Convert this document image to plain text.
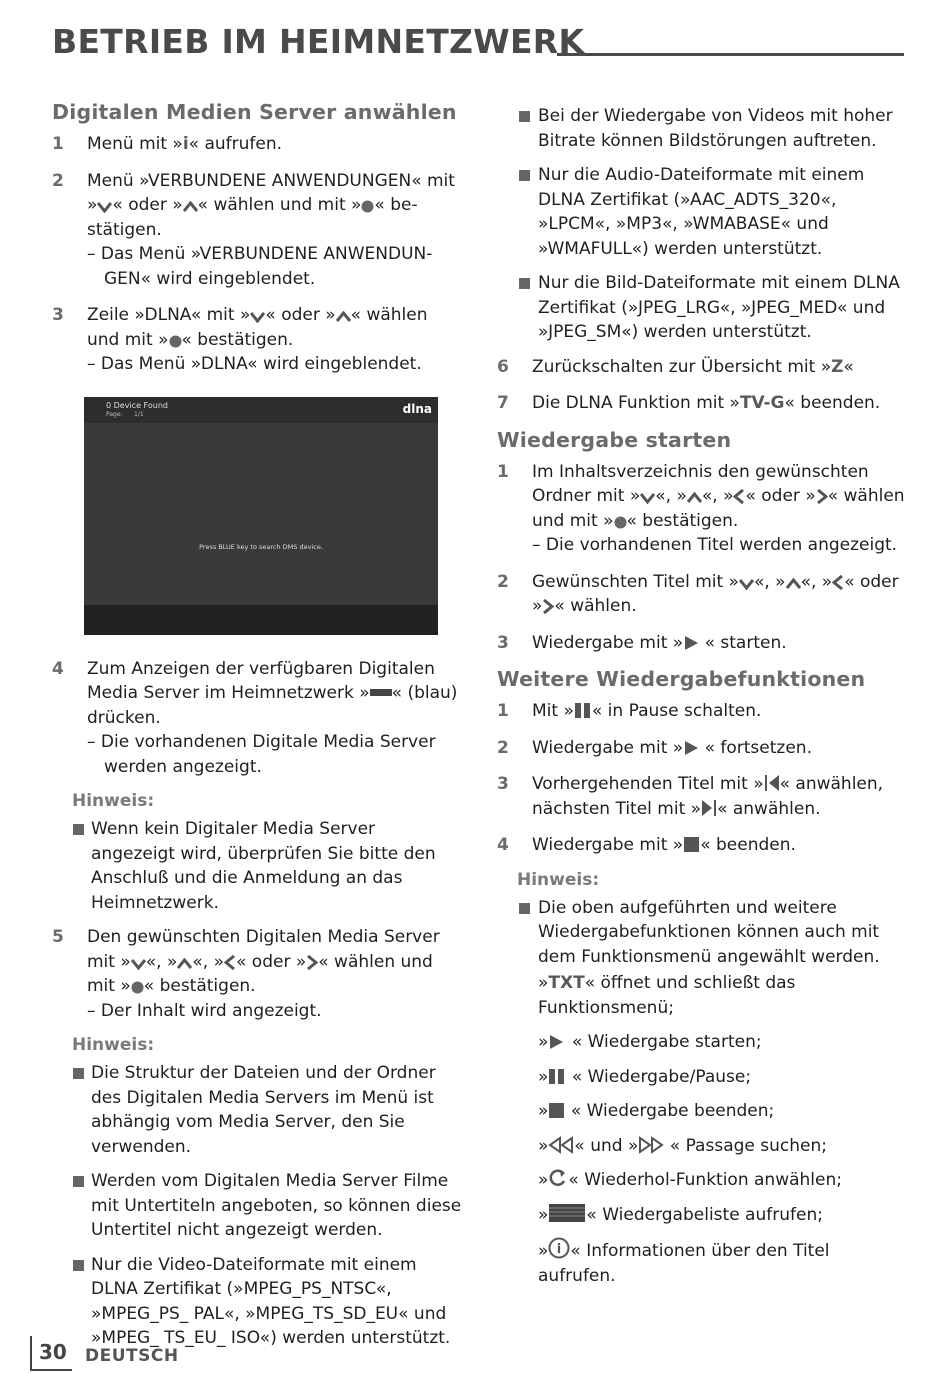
BETRIEB IM HEIMNETZWERK
Digitalen Medien Server anwählen
1 Menü mit »i« aufrufen.
2 Menü »VERBUNDENE ANWENDUNGEN« mit » « oder » « wählen und mit » « bestätigen.
– Das Menü »VERBUNDENE ANWENDUNGEN« wird eingeblendet.
3 Zeile »DLNA« mit » « oder » « wählen und mit » « bestätigen.
– Das Menü »DLNA« wird eingeblendet.
0 Device Found
Page: 1/1	dlna
Press BLUE key to search DMS device.
4 Zum Anzeigen der verfügbaren Digitalen Media Server im Heimnetzwerk » « (blau) drücken.
– Die vorhandenen Digitale Media Server werden angezeigt.
Hinweis:
Wenn kein Digitaler Media Server angezeigt wird, überprüfen Sie bitte den Anschluß und die Anmeldung an das Heimnetzwerk.
5 Den gewünschten Digitalen Media Server mit » «, » «, » « oder » « wählen und mit » « bestätigen.
– Der Inhalt wird angezeigt.
Hinweis:
Die Struktur der Dateien und der Ordner des Digitalen Media Servers im Menü ist abhängig vom Media Server, den Sie verwenden.
Werden vom Digitalen Media Server Filme mit Untertiteln angeboten, so können diese Untertitel nicht angezeigt werden.
Nur die Video-Dateiformate mit einem DLNA Zertifikat (»MPEG_PS_NTSC«, »MPEG_PS_ PAL«, »MPEG_TS_SD_EU« und »MPEG_ TS_EU_ ISO«) werden unterstützt.
Bei der Wiedergabe von Videos mit hoher Bitrate können Bildstörungen auftreten.
Nur die Audio-Dateiformate mit einem DLNA Zertifikat (»AAC_ADTS_320«, »LPCM«, »MP3«, »WMABASE« und »WMAFULL«) werden unterstützt.
Nur die Bild-Dateiformate mit einem DLNA Zertifikat (»JPEG_LRG«, »JPEG_MED« und »JPEG_SM«) werden unterstützt.
6 Zurückschalten zur Übersicht mit »Z«
7 Die DLNA Funktion mit »TV-G« beenden.
Wiedergabe starten
1 Im Inhaltsverzeichnis den gewünschten Ordner mit » «, » «, » « oder » « wählen und mit » « bestätigen.
– Die vorhandenen Titel werden angezeigt.
2 Gewünschten Titel mit » «, » «, » « oder » « wählen.
3 Wiedergabe mit » « starten.
Weitere Wiedergabefunktionen
1 Mit » « in Pause schalten.
2 Wiedergabe mit » « fortsetzen.
3 Vorhergehenden Titel mit » « anwählen, nächsten Titel mit » « anwählen.
4 Wiedergabe mit » « beenden.
Hinweis:
Die oben aufgeführten und weitere Wiedergabefunktionen können auch mit dem Funktionsmenü angewählt werden.
»TXT« öffnet und schließt das Funktionsmenü;
» « Wiedergabe starten;
» « Wiedergabe/Pause;
» « Wiedergabe beenden;
» « und » « Passage suchen;
» « Wiederhol-Funktion anwählen;
» « Wiedergabeliste aufrufen;
» i « Informationen über den Titel aufrufen.
30 DEUTSCH
